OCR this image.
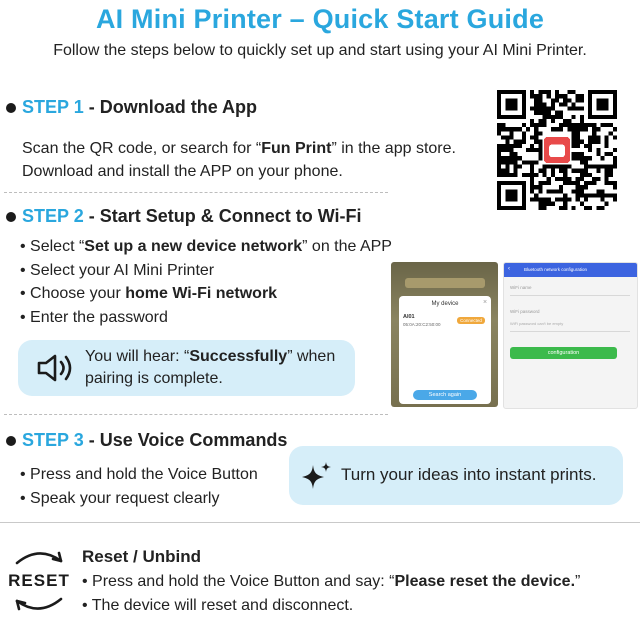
AI Mini Printer – Quick Start Guide
Follow the steps below to quickly set up and start using your AI Mini Printer.
STEP 1 - Download the App
Scan the QR code, or search for “Fun Print” in the app store.
Download and install the APP on your phone.
STEP 2 - Start Setup & Connect to Wi-Fi
• Select “Set up a new device network” on the APP
• Select your AI Mini Printer
• Choose your home Wi-Fi network
• Enter the password
You will hear: “Successfully” when pairing is complete.
My device	×
AI01
05:0A:20:C2:50:00
Connected
Search again
‹	Bluetooth network configuration
WiFi name
WiFi password
WiFi password can't be empty
configuration
STEP 3 - Use Voice Commands
• Press and hold the Voice Button
• Speak your request clearly
Turn your ideas into instant prints.
RESET
Reset / Unbind
• Press and hold the Voice Button and say: “Please reset the device.”
• The device will reset and disconnect.
